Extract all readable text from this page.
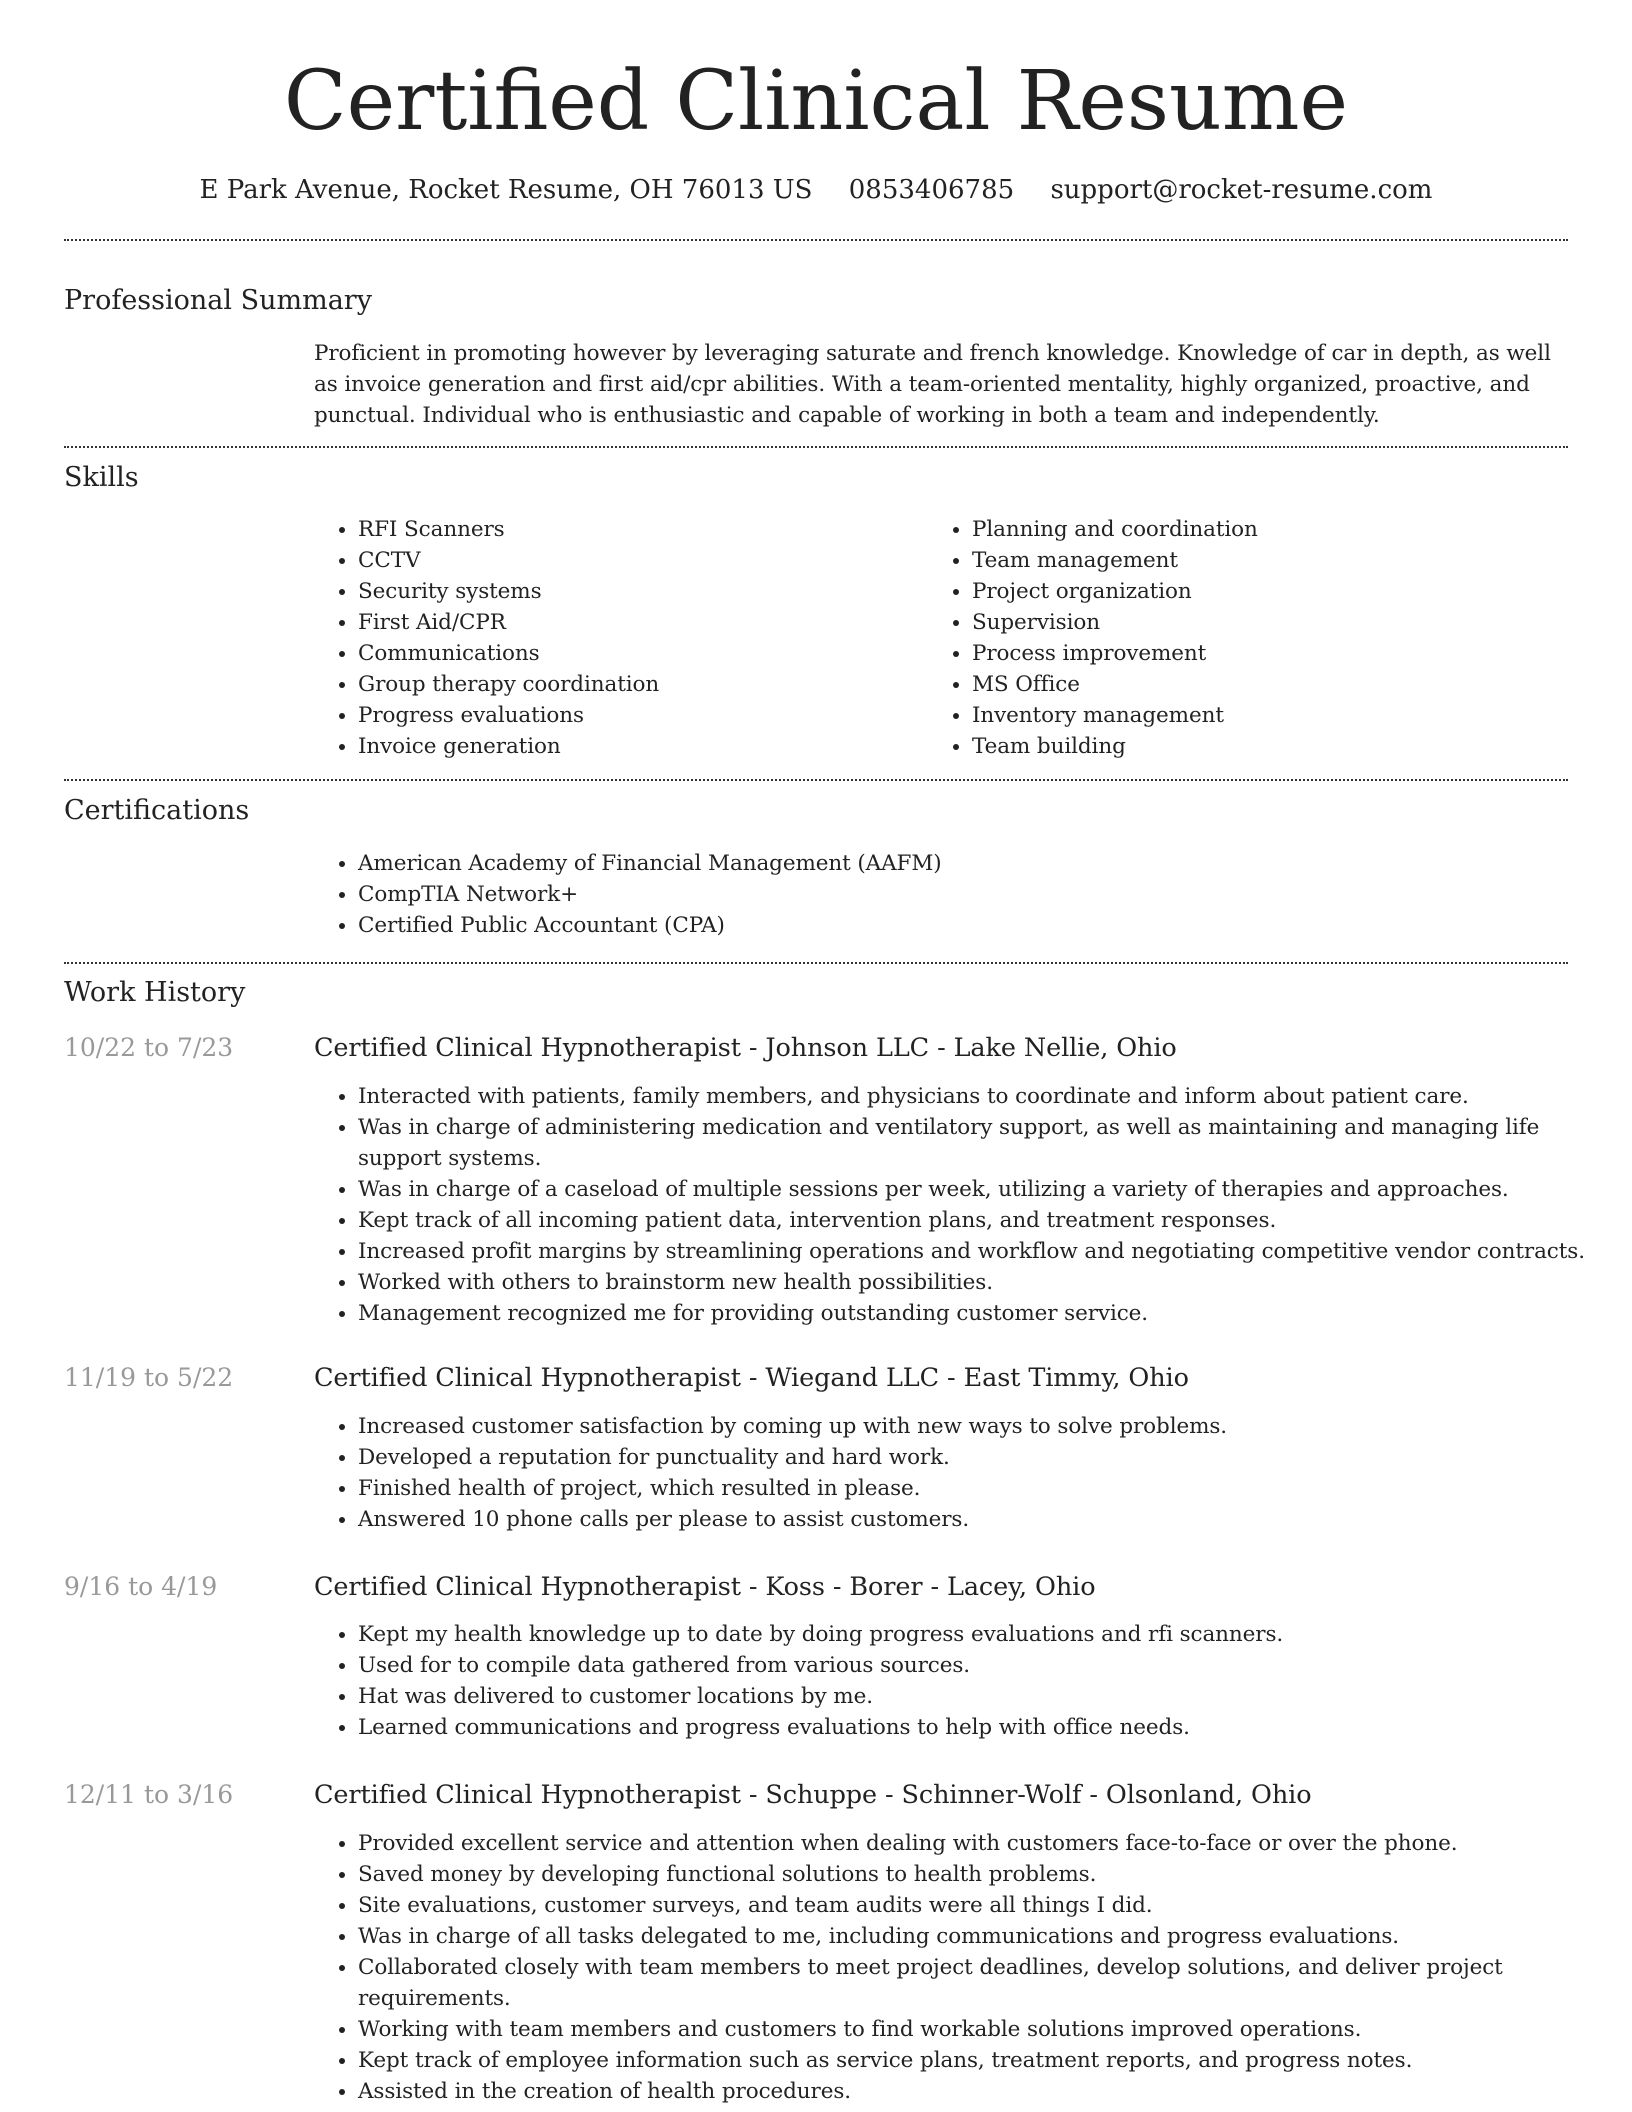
Certified Clinical Resume
E Park Avenue, Rocket Resume, OH 76013 US 0853406785 support@rocket-resume.com
Professional Summary

Proficient in promoting however by leveraging saturate and french knowledge. Knowledge of car in depth, as well as invoice generation and first aid/cpr abilities. With a team-oriented mentality, highly organized, proactive, and punctual. Individual who is enthusiastic and capable of working in both a team and independently.

Skills
• RFI Scanners
• CCTV
• Security systems
• First Aid/CPR
• Communications
• Group therapy coordination
• Progress evaluations
• Invoice generation
• Planning and coordination
• Team management
• Project organization
• Supervision
• Process improvement
• MS Office
• Inventory management
• Team building
Certifications
• American Academy of Financial Management (AAFM)
• CompTIA Network+
• Certified Public Accountant (CPA)
Work History
10/22 to 7/23	Certified Clinical Hypnotherapist - Johnson LLC - Lake Nellie, Ohio
• Interacted with patients, family members, and physicians to coordinate and inform about patient care.
• Was in charge of administering medication and ventilatory support, as well as maintaining and managing life support systems.
• Was in charge of a caseload of multiple sessions per week, utilizing a variety of therapies and approaches.
• Kept track of all incoming patient data, intervention plans, and treatment responses.
• Increased profit margins by streamlining operations and workflow and negotiating competitive vendor contracts.
• Worked with others to brainstorm new health possibilities.
• Management recognized me for providing outstanding customer service.
11/19 to 5/22	Certified Clinical Hypnotherapist - Wiegand LLC - East Timmy, Ohio
• Increased customer satisfaction by coming up with new ways to solve problems.
• Developed a reputation for punctuality and hard work.
• Finished health of project, which resulted in please.
• Answered 10 phone calls per please to assist customers.
9/16 to 4/19	Certified Clinical Hypnotherapist - Koss - Borer - Lacey, Ohio
• Kept my health knowledge up to date by doing progress evaluations and rfi scanners.
• Used for to compile data gathered from various sources.
• Hat was delivered to customer locations by me.
• Learned communications and progress evaluations to help with office needs.
12/11 to 3/16	Certified Clinical Hypnotherapist - Schuppe - Schinner-Wolf - Olsonland, Ohio
• Provided excellent service and attention when dealing with customers face-to-face or over the phone.
• Saved money by developing functional solutions to health problems.
• Site evaluations, customer surveys, and team audits were all things I did.
• Was in charge of all tasks delegated to me, including communications and progress evaluations.
• Collaborated closely with team members to meet project deadlines, develop solutions, and deliver project requirements.
• Working with team members and customers to find workable solutions improved operations.
• Kept track of employee information such as service plans, treatment reports, and progress notes.
• Assisted in the creation of health procedures.
